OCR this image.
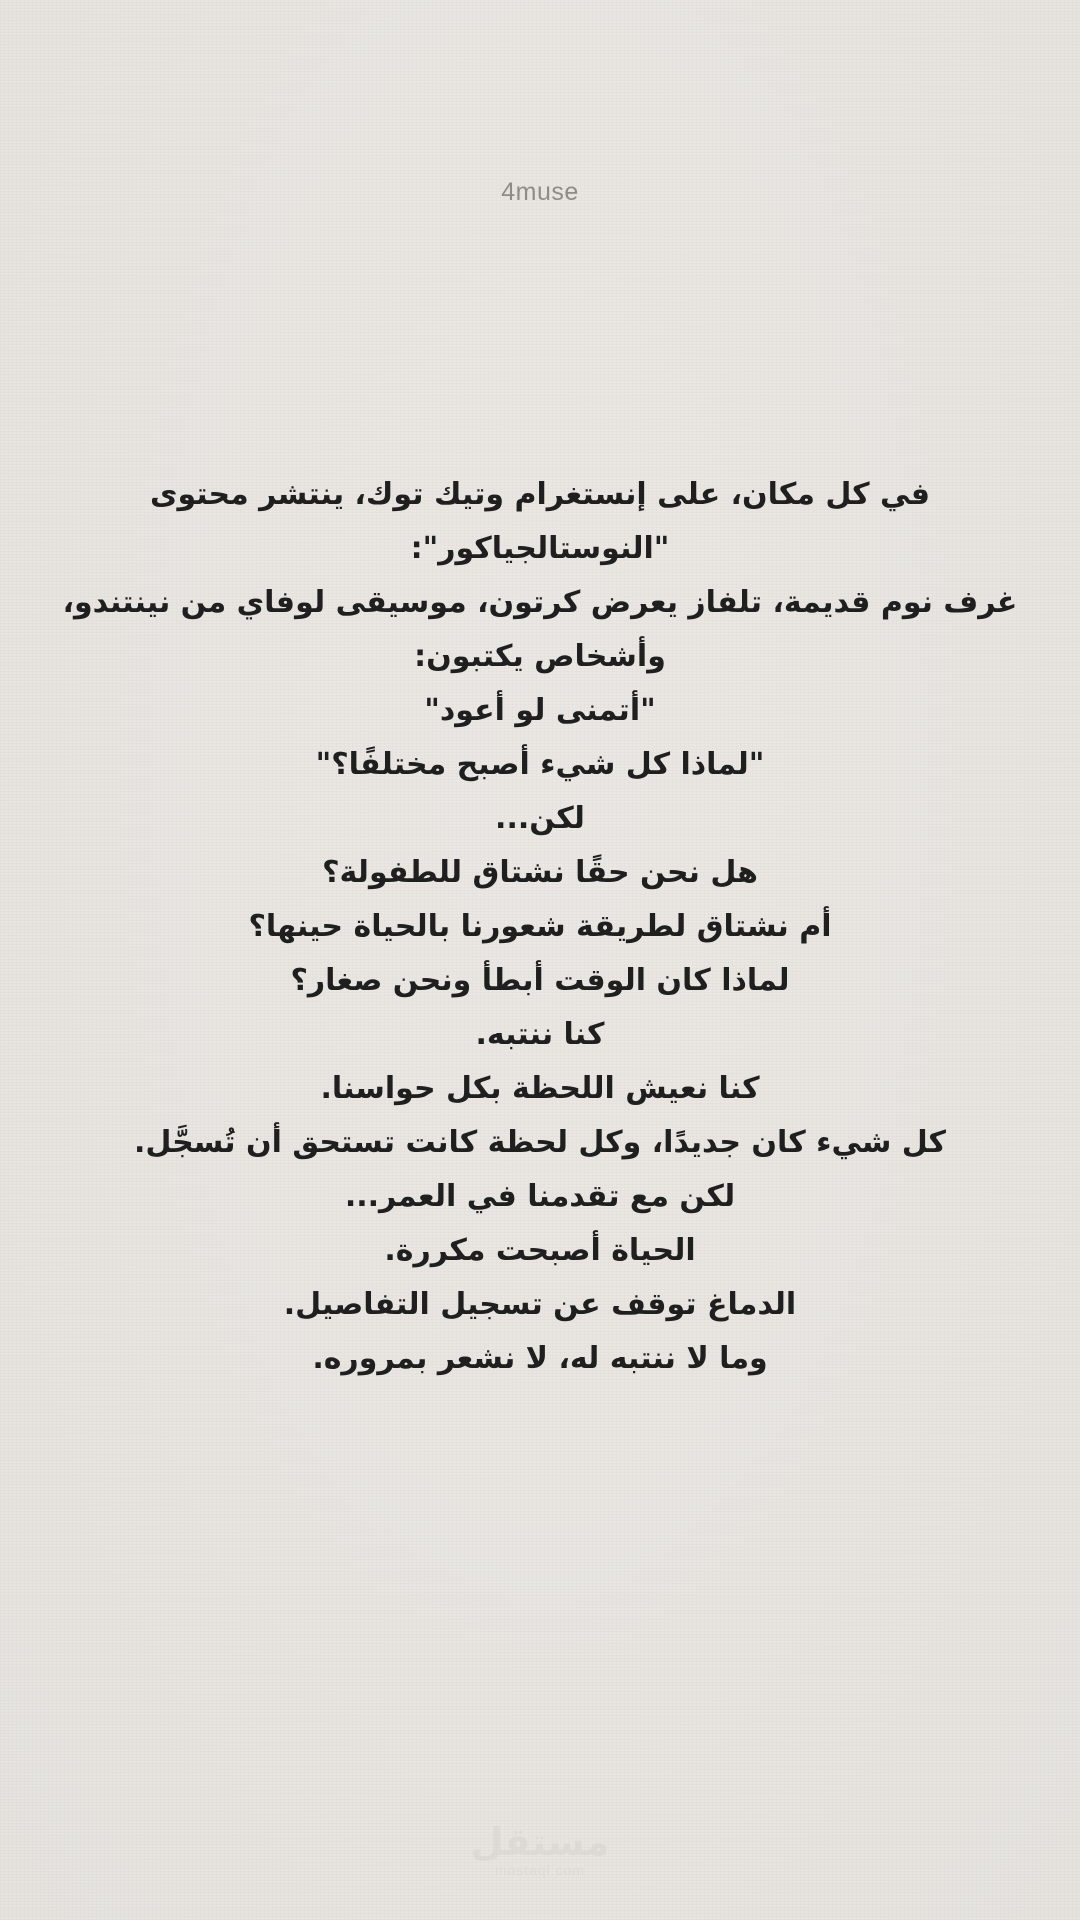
4muse
في كل مكان، على إنستغرام وتيك توك، ينتشر محتوى
"النوستالجياكور":
غرف نوم قديمة، تلفاز يعرض كرتون، موسيقى لوفاي من نينتندو،
وأشخاص يكتبون:
"أتمنى لو أعود"
"لماذا كل شيء أصبح مختلفًا؟"
لكن...
هل نحن حقًا نشتاق للطفولة؟
أم نشتاق لطريقة شعورنا بالحياة حينها؟
لماذا كان الوقت أبطأ ونحن صغار؟
كنا ننتبه.
كنا نعيش اللحظة بكل حواسنا.
كل شيء كان جديدًا، وكل لحظة كانت تستحق أن تُسجَّل.
لكن مع تقدمنا في العمر...
الحياة أصبحت مكررة.
الدماغ توقف عن تسجيل التفاصيل.
وما لا ننتبه له، لا نشعر بمروره.
مستقل
mostaql.com
